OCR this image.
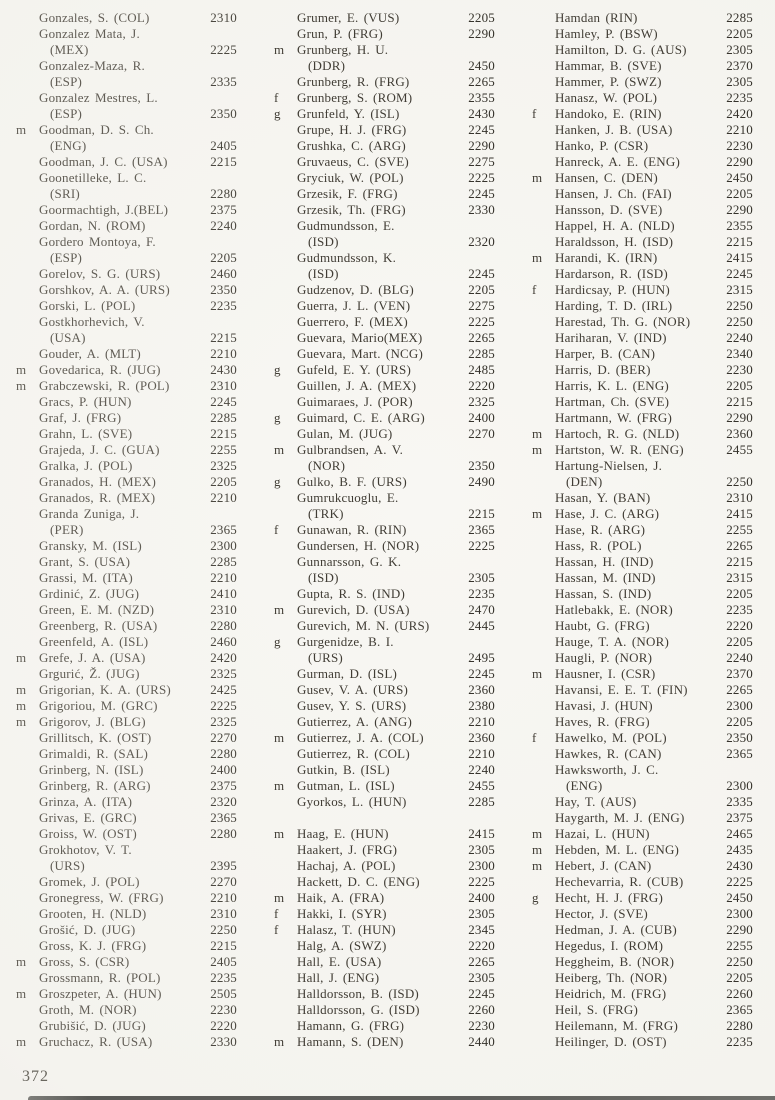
Gonzales, S. (COL)	2310
Gonzalez Mata, J.
(MEX)	2225
Gonzalez-Maza, R.
(ESP)	2335
Gonzalez Mestres, L.
(ESP)	2350
m Goodman, D. S. Ch.
(ENG)	2405
Goodman, J. C. (USA)	2215
Goonetilleke, L. C.
(SRI)	2280
Goormachtigh, J.(BEL)	2375
Gordan, N. (ROM)	2240
Gordero Montoya, F.
(ESP)	2205
Gorelov, S. G. (URS)	2460
Gorshkov, A. A. (URS)	2350
Gorski, L. (POL)	2235
Gostkhorhevich, V.
(USA)	2215
Gouder, A. (MLT)	2210
m Govedarica, R. (JUG)	2430
m Grabczewski, R. (POL)	2310
Gracs, P. (HUN)	2245
Graf, J. (FRG)	2285
Grahn, L. (SVE)	2215
Grajeda, J. C. (GUA)	2255
Gralka, J. (POL)	2325
Granados, H. (MEX)	2205
Granados, R. (MEX)	2210
Granda Zuniga, J.
(PER)	2365
Gransky, M. (ISL)	2300
Grant, S. (USA)	2285
Grassi, M. (ITA)	2210
Grdinić, Z. (JUG)	2410
Green, E. M. (NZD)	2310
Greenberg, R. (USA)	2280
Greenfeld, A. (ISL)	2460
m Grefe, J. A. (USA)	2420
Grgurić, Ž. (JUG)	2325
m Grigorian, K. A. (URS)	2425
m Grigoriou, M. (GRC)	2225
m Grigorov, J. (BLG)	2325
Grillitsch, K. (OST)	2270
Grimaldi, R. (SAL)	2280
Grinberg, N. (ISL)	2400
Grinberg, R. (ARG)	2375
Grinza, A. (ITA)	2320
Grivas, E. (GRC)	2365
Groiss, W. (OST)	2280
Grokhotov, V. T.
(URS)	2395
Gromek, J. (POL)	2270
Gronegress, W. (FRG)	2210
Grooten, H. (NLD)	2310
Grošić, D. (JUG)	2250
Gross, K. J. (FRG)	2215
m Gross, S. (CSR)	2405
Grossmann, R. (POL)	2235
m Groszpeter, A. (HUN)	2505
Groth, M. (NOR)	2230
Grubišić, D. (JUG)	2220
m Gruchacz, R. (USA)	2330
Grumer, E. (VUS)	2205
Grun, P. (FRG)	2290
m Grunberg, H. U.
(DDR)	2450
Grunberg, R. (FRG)	2265
f	Grunberg, S. (ROM)	2355
g	Grunfeld, Y. (ISL)	2430
Grupe, H. J. (FRG)	2245
Grushka, C. (ARG)	2290
Gruvaeus, C. (SVE)	2275
Gryciuk, W. (POL)	2225
Grzesik, F. (FRG)	2245
Grzesik, Th. (FRG)	2330
Gudmundsson, E.
(ISD)	2320
Gudmundsson, K.
(ISD)	2245
Gudzenov, D. (BLG)	2205
Guerra, J. L. (VEN)	2275
Guerrero, F. (MEX)	2225
Guevara, Mario(MEX)	2265
Guevara, Mart. (NCG)	2285
g	Gufeld, E. Y. (URS)	2485
Guillen, J. A. (MEX)	2220
Guimaraes, J. (POR)	2325
g	Guimard, C. E. (ARG)	2400
Gulan, M. (JUG)	2270
m Gulbrandsen, A. V.
(NOR)	2350
g	Gulko, B. F. (URS)	2490
Gumrukcuoglu, E.
(TRK)	2215
f	Gunawan, R. (RIN)	2365
Gundersen, H. (NOR)	2225
Gunnarsson, G. K.
(ISD)	2305
Gupta, R. S. (IND)	2235
m Gurevich, D. (USA)	2470
Gurevich, M. N. (URS)	2445
g	Gurgenidze, B. I.
(URS)	2495
Gurman, D. (ISL)	2245
Gusev, V. A. (URS)	2360
Gusev, Y. S. (URS)	2380
Gutierrez, A. (ANG)	2210
m Gutierrez, J. A. (COL)	2360
Gutierrez, R. (COL)	2210
Gutkin, B. (ISL)	2240
m Gutman, L. (ISL)	2455
Gyorkos, L. (HUN)	2285
m Haag, E. (HUN)	2415
Haakert, J. (FRG)	2305
Hachaj, A. (POL)	2300
Hackett, D. C. (ENG)	2225
m Haik, A. (FRA)	2400
f	Hakki, I. (SYR)	2305
f	Halasz, T. (HUN)	2345
Halg, A. (SWZ)	2220
Hall, E. (USA)	2265
Hall, J. (ENG)	2305
Halldorsson, B. (ISD)	2245
Halldorsson, G. (ISD)	2260
Hamann, G. (FRG)	2230
m Hamann, S. (DEN)	2440
Hamdan (RIN)	2285
Hamley, P. (BSW)	2205
Hamilton, D. G. (AUS)	2305
Hammar, B. (SVE)	2370
Hammer, P. (SWZ)	2305
Hanasz, W. (POL)	2235
f	Handoko, E. (RIN)	2420
Hanken, J. B. (USA)	2210
Hanko, P. (CSR)	2230
Hanreck, A. E. (ENG)	2290
m Hansen, C. (DEN)	2450
Hansen, J. Ch. (FAI)	2205
Hansson, D. (SVE)	2290
Happel, H. A. (NLD)	2355
Haraldsson, H. (ISD)	2215
m Harandi, K. (IRN)	2415
Hardarson, R. (ISD)	2245
f	Hardicsay, P. (HUN)	2315
Harding, T. D. (IRL)	2250
Harestad, Th. G. (NOR)	2250
Hariharan, V. (IND)	2240
Harper, B. (CAN)	2340
Harris, D. (BER)	2230
Harris, K. L. (ENG)	2205
Hartman, Ch. (SVE)	2215
Hartmann, W. (FRG)	2290
m Hartoch, R. G. (NLD)	2360
m Hartston, W. R. (ENG)	2455
Hartung-Nielsen, J.
(DEN)	2250
Hasan, Y. (BAN)	2310
m Hase, J. C. (ARG)	2415
Hase, R. (ARG)	2255
Hass, R. (POL)	2265
Hassan, H. (IND)	2215
Hassan, M. (IND)	2315
Hassan, S. (IND)	2205
Hatlebakk, E. (NOR)	2235
Haubt, G. (FRG)	2220
Hauge, T. A. (NOR)	2205
Haugli, P. (NOR)	2240
m Hausner, I. (CSR)	2370
Havansi, E. E. T. (FIN)	2265
Havasi, J. (HUN)	2300
Haves, R. (FRG)	2205
f	Hawelko, M. (POL)	2350
Hawkes, R. (CAN)	2365
Hawksworth, J. C.
(ENG)	2300
Hay, T. (AUS)	2335
Haygarth, M. J. (ENG)	2375
m Hazai, L. (HUN)	2465
m Hebden, M. L. (ENG)	2435
m Hebert, J. (CAN)	2430
Hechevarria, R. (CUB)	2225
g	Hecht, H. J. (FRG)	2450
Hector, J. (SVE)	2300
Hedman, J. A. (CUB)	2290
Hegedus, I. (ROM)	2255
Heggheim, B. (NOR)	2250
Heiberg, Th. (NOR)	2205
Heidrich, M. (FRG)	2260
Heil, S. (FRG)	2365
Heilemann, M. (FRG)	2280
Heilinger, D. (OST)	2235
372
